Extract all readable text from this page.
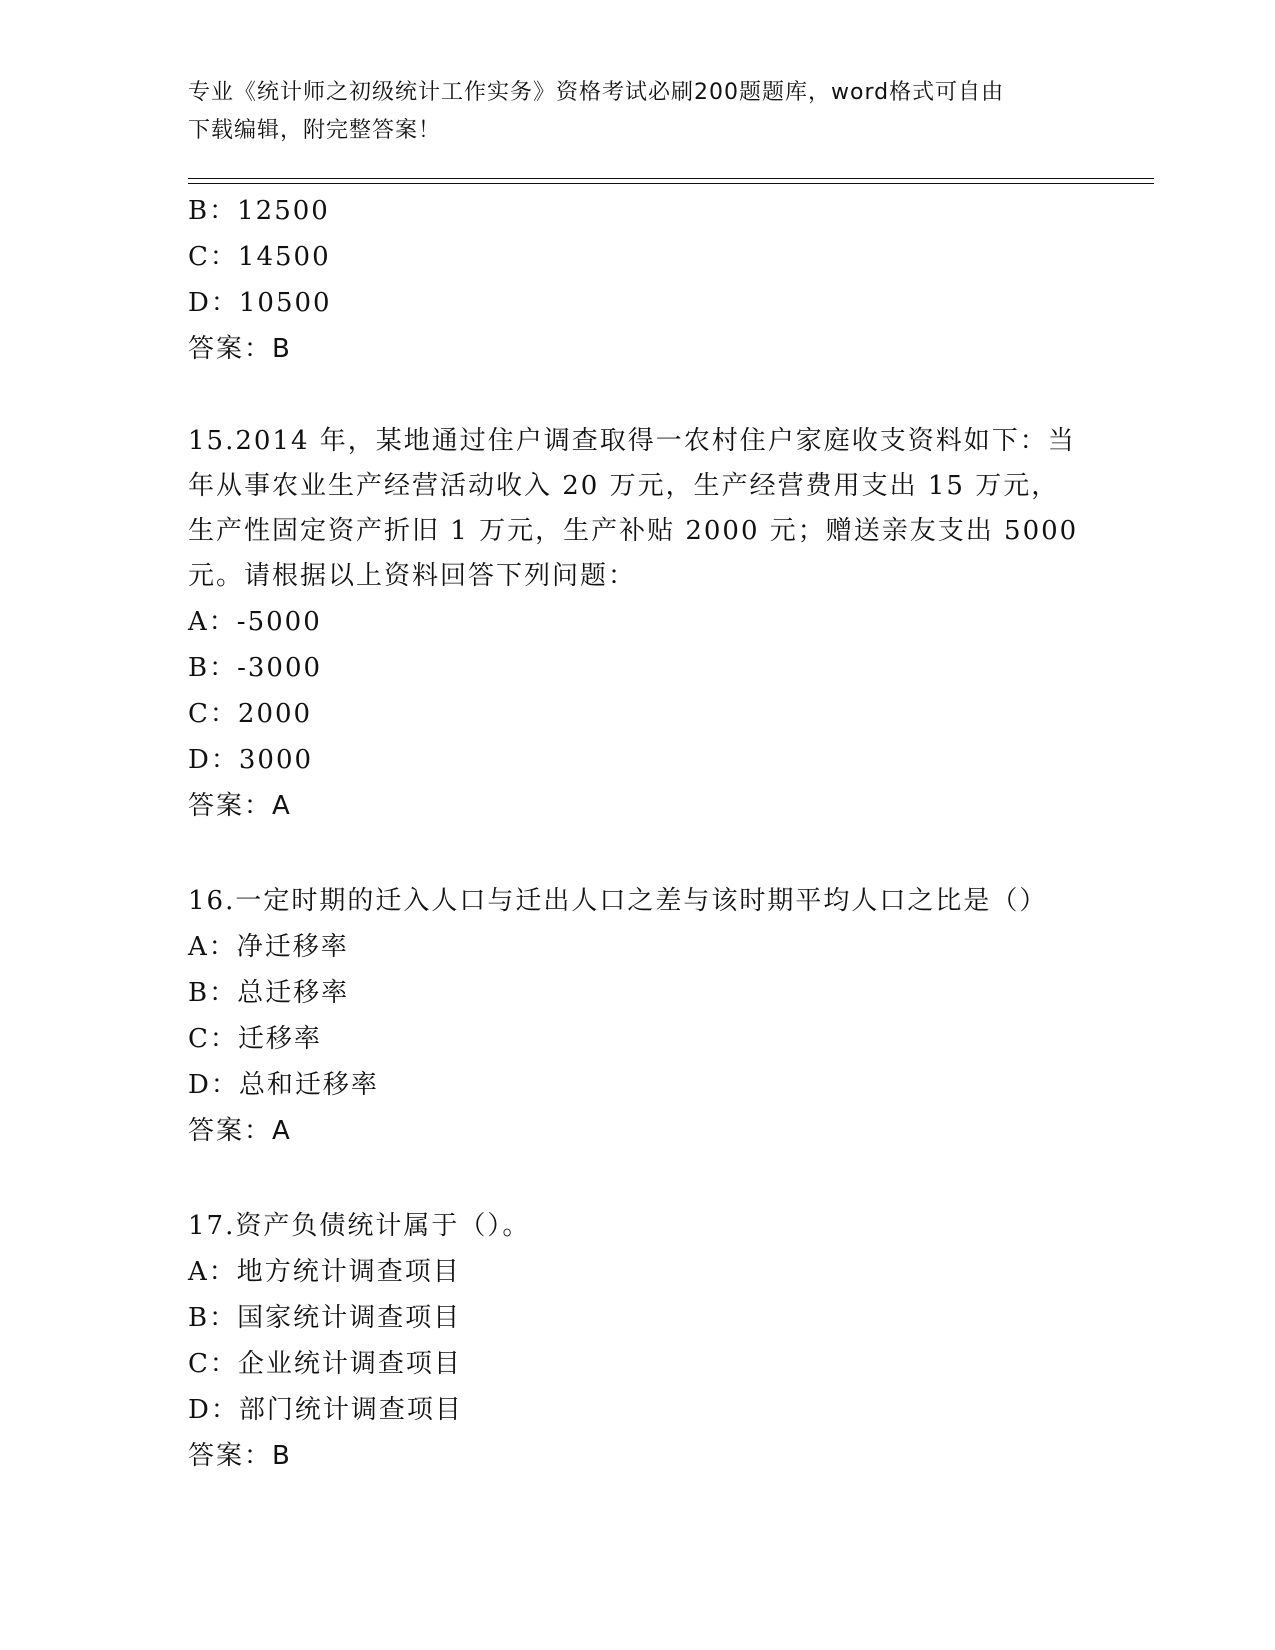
专业《统计师之初级统计工作实务》资格考试必刷200题题库，word格式可自由
下载编辑，附完整答案！
B：12500
C：14500
D：10500
答案：B
15.2014 年，某地通过住户调查取得一农村住户家庭收支资料如下：当
年从事农业生产经营活动收入 20 万元，生产经营费用支出 15 万元，
生产性固定资产折旧 1 万元，生产补贴 2000 元；赠送亲友支出 5000
元。请根据以上资料回答下列问题：
A：-5000
B：-3000
C：2000
D：3000
答案：A
16.一定时期的迁入人口与迁出人口之差与该时期平均人口之比是（）
A：净迁移率
B：总迁移率
C：迁移率
D：总和迁移率
答案：A
17.资产负债统计属于（）。
A：地方统计调查项目
B：国家统计调查项目
C：企业统计调查项目
D：部门统计调查项目
答案：B
